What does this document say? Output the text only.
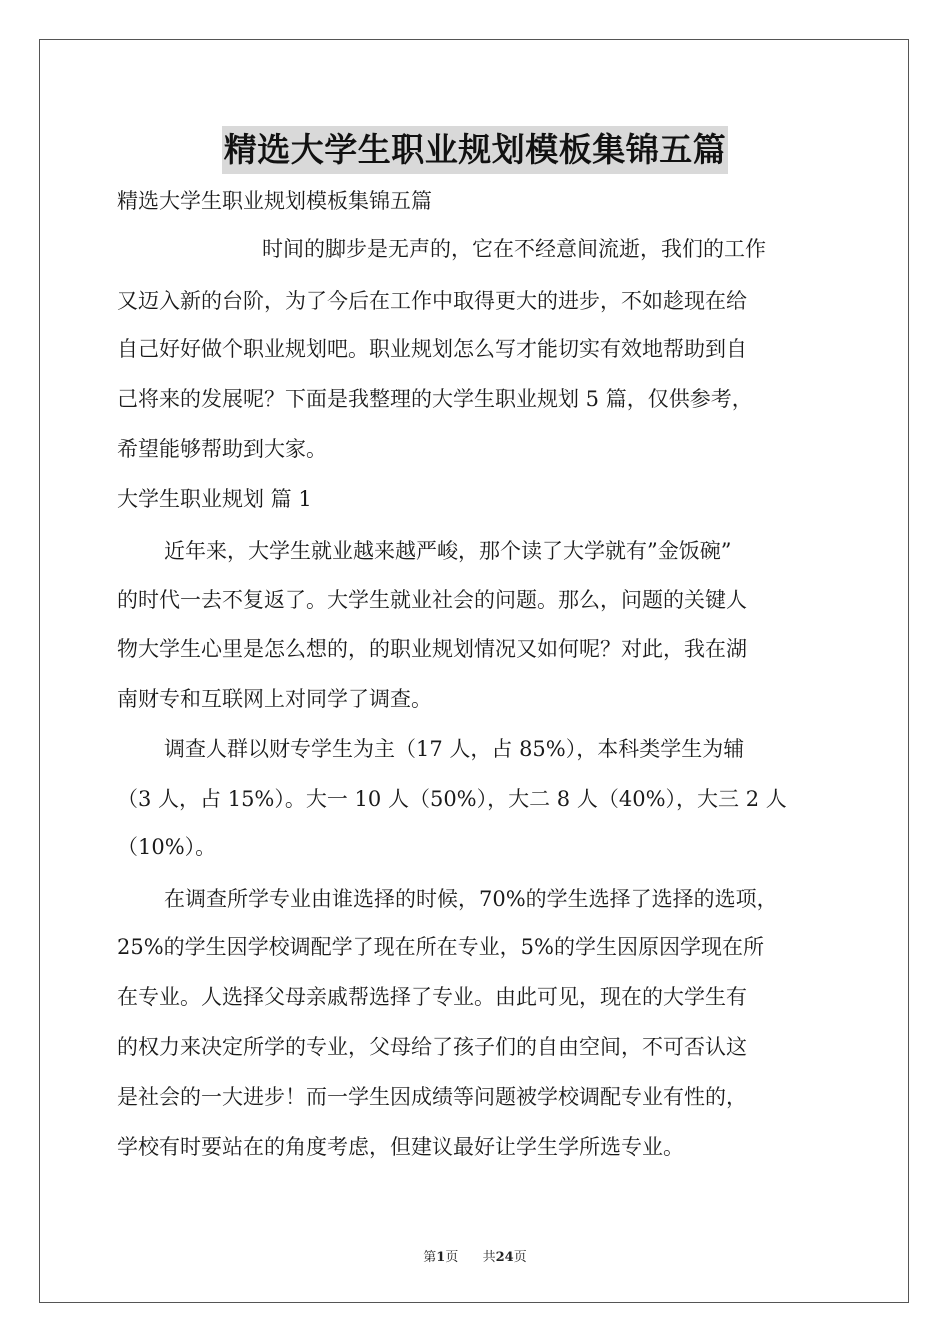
精选大学生职业规划模板集锦五篇
精选大学生职业规划模板集锦五篇
时间的脚步是无声的，它在不经意间流逝，我们的工作
又迈入新的台阶，为了今后在工作中取得更大的进步，不如趁现在给
自己好好做个职业规划吧。职业规划怎么写才能切实有效地帮助到自
己将来的发展呢？下面是我整理的大学生职业规划 5 篇，仅供参考，
希望能够帮助到大家。
大学生职业规划 篇 1
近年来，大学生就业越来越严峻，那个读了大学就有”金饭碗”
的时代一去不复返了。大学生就业社会的问题。那么，问题的关键人
物大学生心里是怎么想的，的职业规划情况又如何呢？对此，我在湖
南财专和互联网上对同学了调查。
调查人群以财专学生为主（17 人，占 85%），本科类学生为辅
（3 人，占 15%）。大一 10 人（50%），大二 8 人（40%），大三 2 人
（10%）。
在调查所学专业由谁选择的时候，70%的学生选择了选择的选项，
25%的学生因学校调配学了现在所在专业，5%的学生因原因学现在所
在专业。人选择父母亲戚帮选择了专业。由此可见，现在的大学生有
的权力来决定所学的专业，父母给了孩子们的自由空间，不可否认这
是社会的一大进步！而一学生因成绩等问题被学校调配专业有性的，
学校有时要站在的角度考虑，但建议最好让学生学所选专业。
第1页 共24页
